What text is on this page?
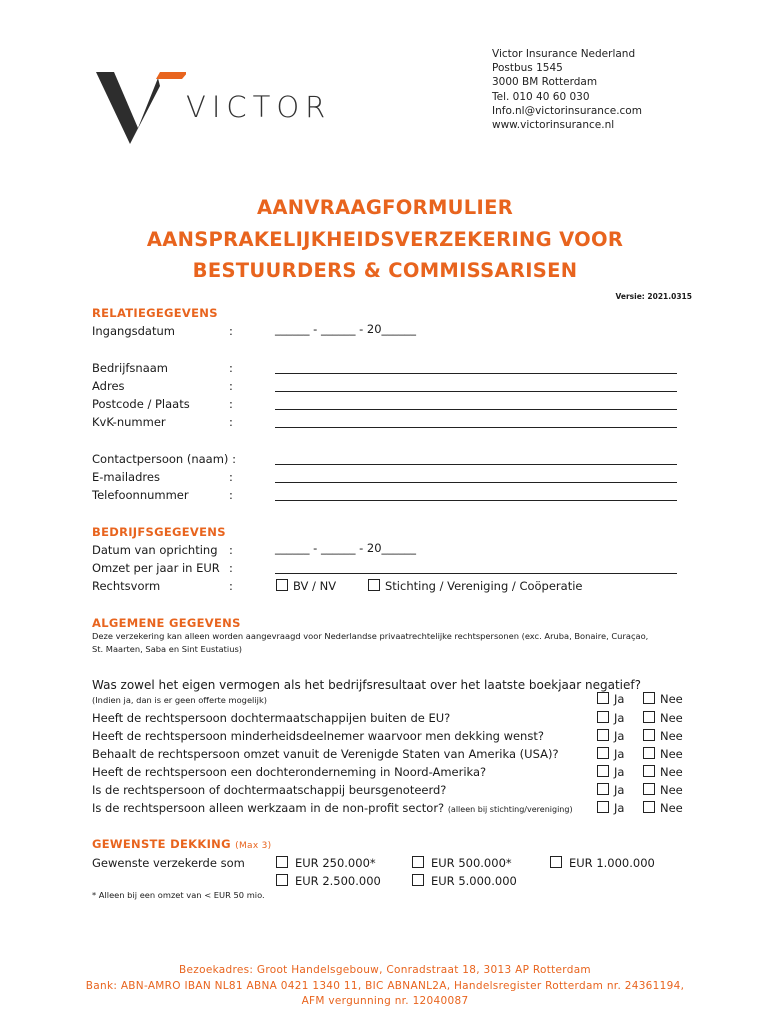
VICTOR
Victor Insurance Nederland
Postbus 1545
3000 BM Rotterdam
Tel. 010 40 60 030
Info.nl@victorinsurance.com
www.victorinsurance.nl
AANVRAAGFORMULIER
AANSPRAKELIJKHEIDSVERZEKERING VOOR
BESTUURDERS & COMMISSARISEN
Versie: 2021.0315
RELATIEGEGEVENS
Ingangsdatum	:	______ - ______ - 20______
Bedrijfsnaam	:
Adres	:
Postcode / Plaats	:
KvK-nummer	:
Contactpersoon (naam) :
E-mailadres	:
Telefoonnummer	:
BEDRIJFSGEGEVENS
Datum van oprichting :	______ - ______ - 20______
Omzet per jaar in EUR :
Rechtsvorm	:	BV / NV	Stichting / Vereniging / Coöperatie
ALGEMENE GEGEVENS
Deze verzekering kan alleen worden aangevraagd voor Nederlandse privaatrechtelijke rechtspersonen (exc. Aruba, Bonaire, Curaçao,
St. Maarten, Saba en Sint Eustatius)
Was zowel het eigen vermogen als het bedrijfsresultaat over het laatste boekjaar negatief?
(Indien ja, dan is er geen offerte mogelijk)	Ja	Nee
Heeft de rechtspersoon dochtermaatschappijen buiten de EU?	Ja	Nee
Heeft de rechtspersoon minderheidsdeelnemer waarvoor men dekking wenst?	Ja	Nee
Behaalt de rechtspersoon omzet vanuit de Verenigde Staten van Amerika (USA)?	Ja	Nee
Heeft de rechtspersoon een dochteronderneming in Noord-Amerika?	Ja	Nee
Is de rechtspersoon of dochtermaatschappij beursgenoteerd?	Ja	Nee
Is de rechtspersoon alleen werkzaam in de non-profit sector? (alleen bij stichting/vereniging)	Ja	Nee
GEWENSTE DEKKING (Max 3)
Gewenste verzekerde som	EUR 250.000*	EUR 500.000*	EUR 1.000.000
EUR 2.500.000	EUR 5.000.000
* Alleen bij een omzet van < EUR 50 mio.
Bezoekadres: Groot Handelsgebouw, Conradstraat 18, 3013 AP Rotterdam
Bank: ABN-AMRO IBAN NL81 ABNA 0421 1340 11, BIC ABNANL2A, Handelsregister Rotterdam nr. 24361194,
AFM vergunning nr. 12040087
